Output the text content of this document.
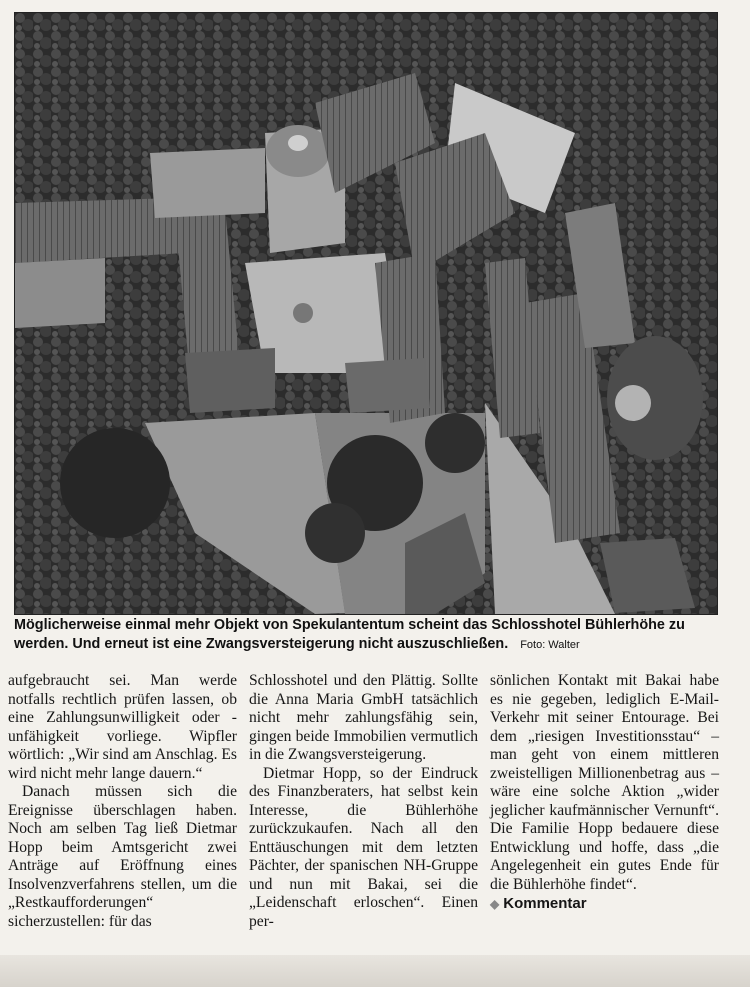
Möglicherweise einmal mehr Objekt von Spekulantentum scheint das Schlosshotel Bühlerhöhe zu werden. Und erneut ist eine Zwangsversteigerung nicht auszuschließen. Foto: Walter

aufgebraucht sei. Man werde notfalls rechtlich prüfen lassen, ob eine Zahlungsunwilligkeit oder -unfähigkeit vorliege. Wipfler wörtlich: „Wir sind am Anschlag. Es wird nicht mehr lange dauern.“

Danach müssen sich die Ereignisse überschlagen haben. Noch am selben Tag ließ Dietmar Hopp beim Amtsgericht zwei Anträge auf Eröffnung eines Insolvenzverfahrens stellen, um die „Restkaufforderungen“ sicherzustellen: für das

Schlosshotel und den Plättig. Sollte die Anna Maria GmbH tatsächlich nicht mehr zahlungsfähig sein, gingen beide Immobilien vermutlich in die Zwangsversteigerung.

Dietmar Hopp, so der Eindruck des Finanzberaters, hat selbst kein Interesse, die Bühlerhöhe zurückzukaufen. Nach all den Enttäuschungen mit dem letzten Pächter, der spanischen NH-Gruppe und nun mit Bakai, sei die „Leidenschaft erloschen“. Einen per-

sönlichen Kontakt mit Bakai habe es nie gegeben, lediglich E-Mail-Verkehr mit seiner Entourage. Bei dem „riesigen Investitionsstau“ – man geht von einem mittleren zweistelligen Millionenbetrag aus – wäre eine solche Aktion „wider jeglicher kaufmännischer Vernunft“. Die Familie Hopp bedauere diese Entwicklung und hoffe, dass „die Angelegenheit ein gutes Ende für die Bühlerhöhe findet“.

◆ Kommentar
